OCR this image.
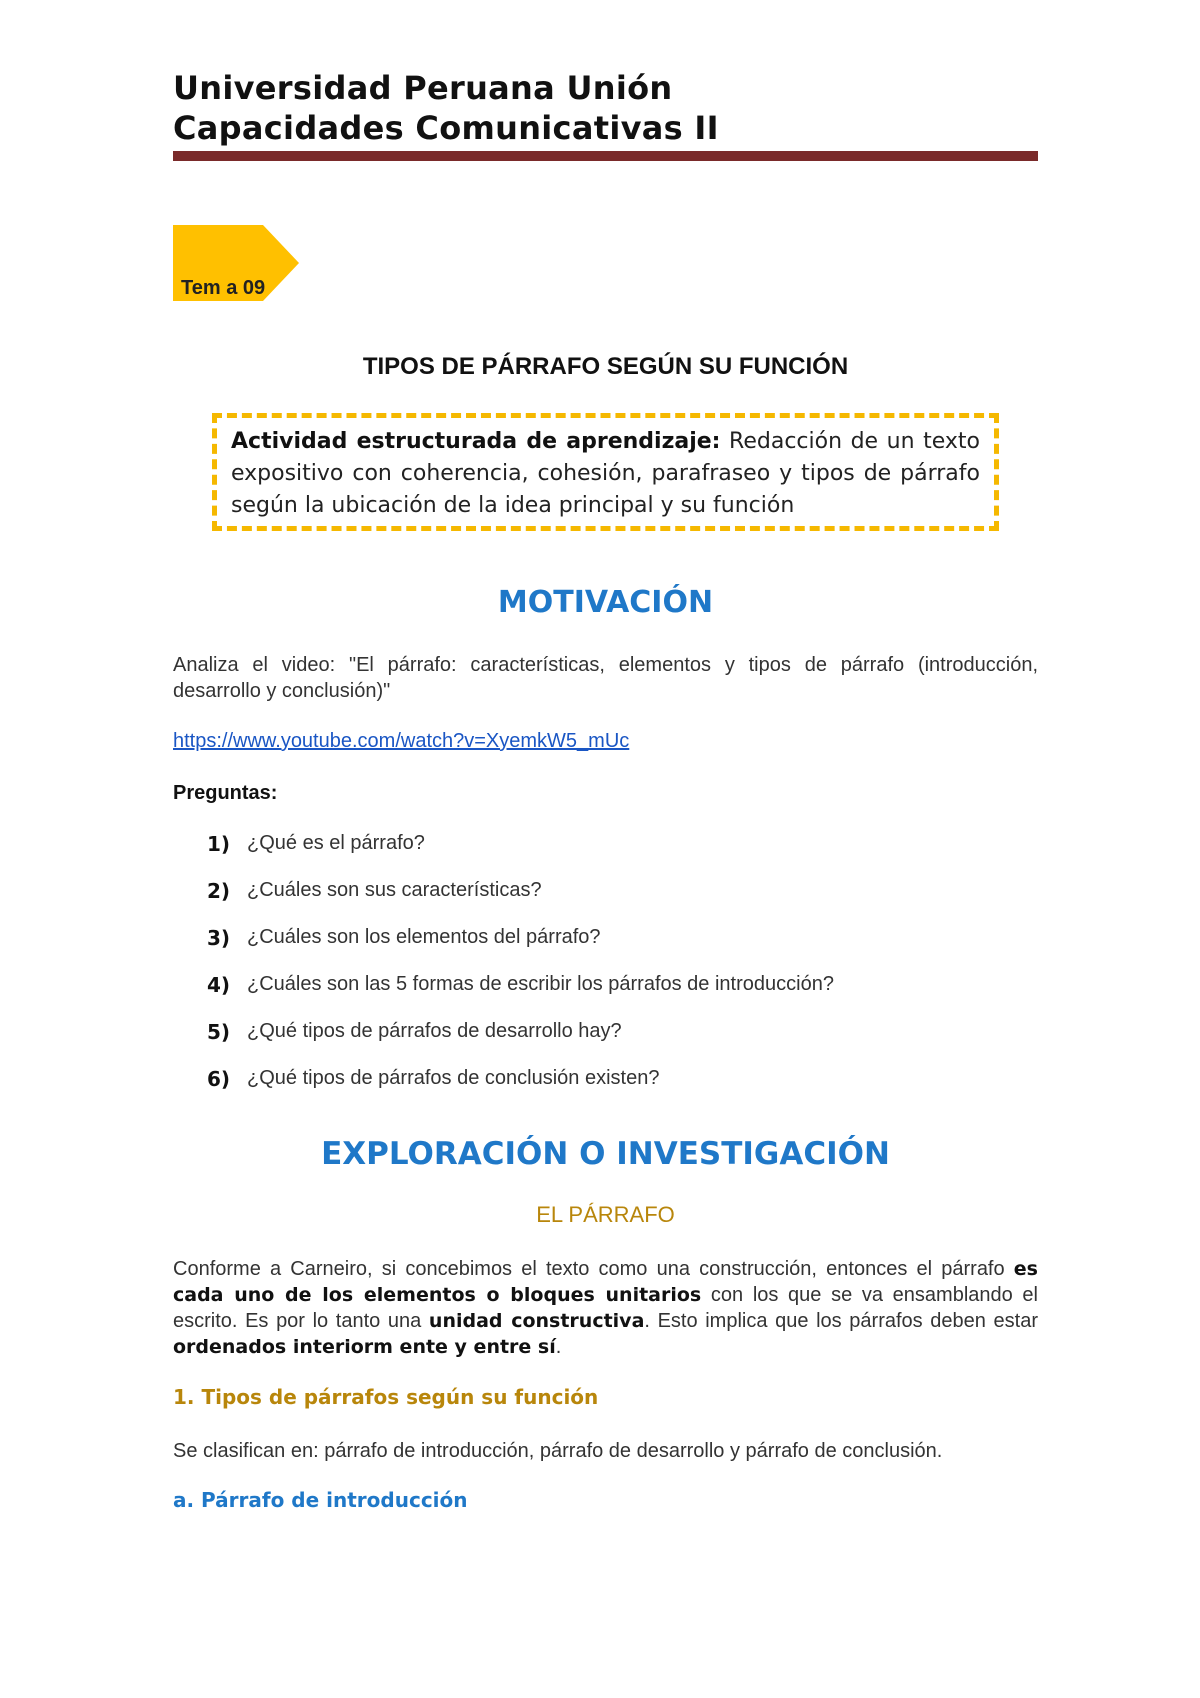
Universidad Peruana Unión
Capacidades Comunicativas II
Tem a 09
TIPOS DE PÁRRAFO SEGÚN SU FUNCIÓN
Actividad estructurada de aprendizaje: Redacción de un texto expositivo con coherencia, cohesión, parafraseo y tipos de párrafo según la ubicación de la idea principal y su función
MOTIVACIÓN
Analiza el video: "El párrafo: características, elementos y tipos de párrafo (introducción, desarrollo y conclusión)"
https://www.youtube.com/watch?v=XyemkW5_mUc
Preguntas:
1) ¿Qué es el párrafo?
2) ¿Cuáles son sus características?
3) ¿Cuáles son los elementos del párrafo?
4) ¿Cuáles son las 5 formas de escribir los párrafos de introducción?
5) ¿Qué tipos de párrafos de desarrollo hay?
6) ¿Qué tipos de párrafos de conclusión existen?
EXPLORACIÓN O INVESTIGACIÓN
EL PÁRRAFO
Conforme a Carneiro, si concebimos el texto como una construcción, entonces el párrafo es cada uno de los elementos o bloques unitarios con los que se va ensamblando el escrito. Es por lo tanto una unidad constructiva. Esto implica que los párrafos deben estar ordenados interiorm ente y entre sí.
1. Tipos de párrafos según su función
Se clasifican en: párrafo de introducción, párrafo de desarrollo y párrafo de conclusión.
a. Párrafo de introducción
